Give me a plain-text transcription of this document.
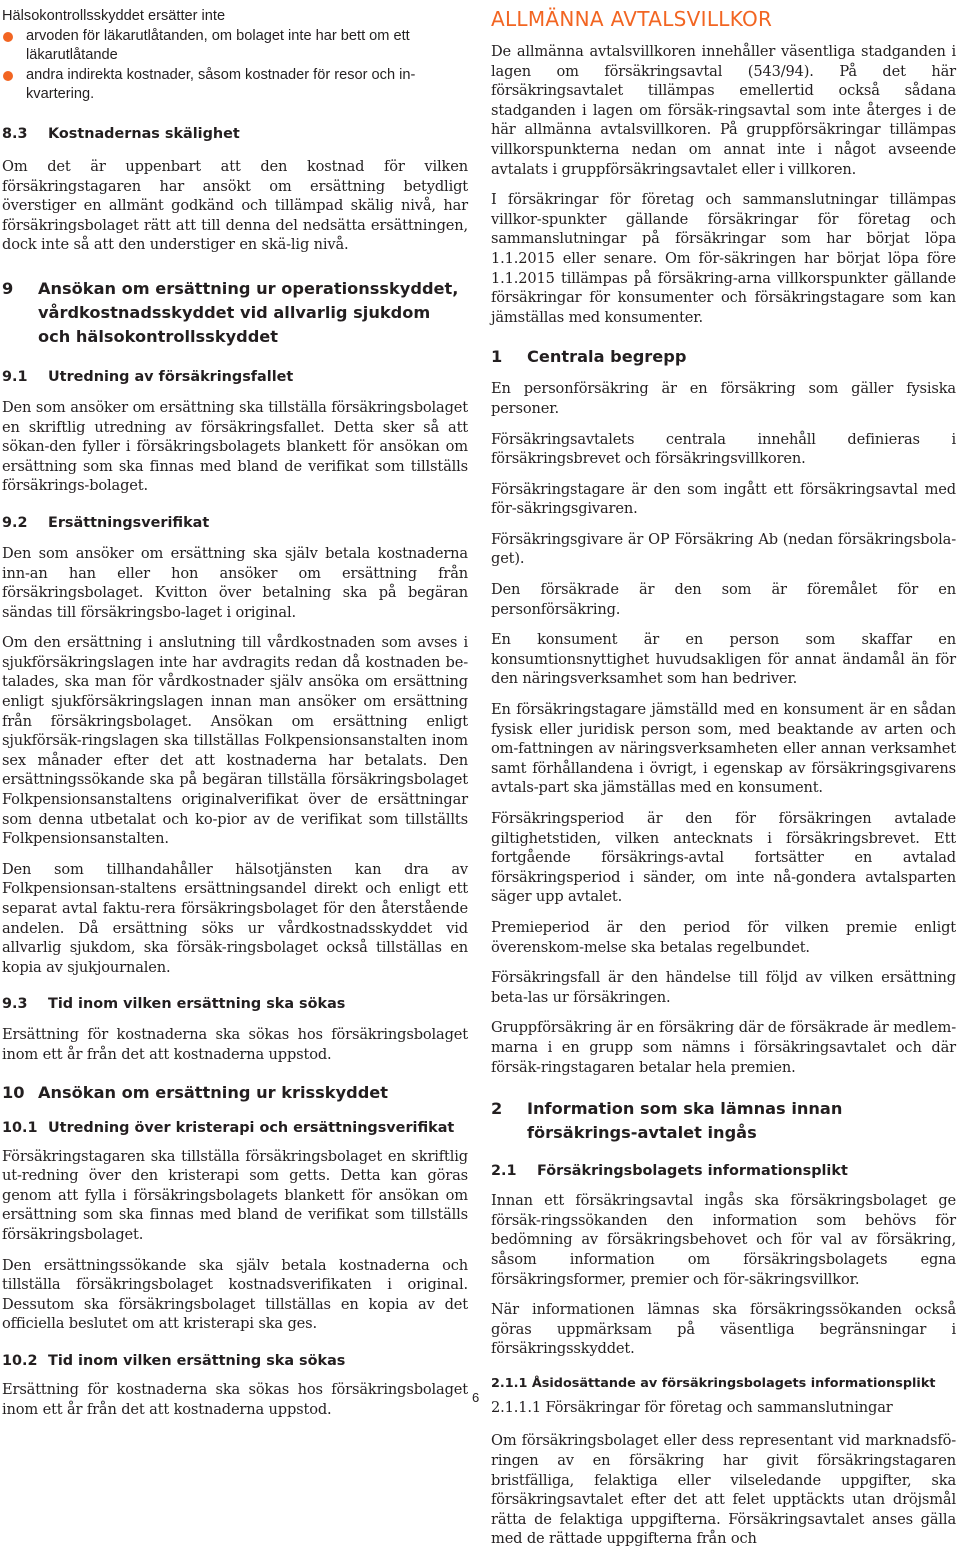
Hälsokontrollsskyddet ersätter inte
arvoden för läkarutlåtanden, om bolaget inte har bett om ett läkarutlåtande
andra indirekta kostnader, såsom kostnader för resor och in-kvartering.
8.3	Kostnadernas skälighet

Om det är uppenbart att den kostnad för vilken försäkringstagaren har ansökt om ersättning betydligt överstiger en allmänt godkänd och tillämpad skälig nivå, har försäkringsbolaget rätt att till denna del nedsätta ersättningen, dock inte så att den understiger en skä-lig nivå.

9	Ansökan om ersättning ur operationsskyddet, vårdkostnadsskyddet vid allvarlig sjukdom och hälsokontrollsskyddet
9.1	Utredning av försäkringsfallet

Den som ansöker om ersättning ska tillställa försäkringsbolaget en skriftlig utredning av försäkringsfallet. Detta sker så att sökan-den fyller i försäkringsbolagets blankett för ansökan om ersättning som ska finnas med bland de verifikat som tillställs försäkrings-bolaget.

9.2	Ersättningsverifikat

Den som ansöker om ersättning ska själv betala kostnaderna inn-an han eller hon ansöker om ersättning från försäkringsbolaget. Kvitton över betalning ska på begäran sändas till försäkringsbo-laget i original.

Om den ersättning i anslutning till vårdkostnaden som avses i sjukförsäkringslagen inte har avdragits redan då kostnaden be-talades, ska man för vårdkostnader själv ansöka om ersättning enligt sjukförsäkringslagen innan man ansöker om ersättning från försäkringsbolaget. Ansökan om ersättning enligt sjukförsäk-ringslagen ska tillställas Folkpensionsanstalten inom sex månader efter det att kostnaderna har betalats. Den ersättningssökande ska på begäran tillställa försäkringsbolaget Folkpensionsanstaltens originalverifikat över de ersättningar som denna utbetalat och ko-pior av de verifikat som tillställts Folkpensionsanstalten.

Den som tillhandahåller hälsotjänsten kan dra av Folkpensionsan-staltens ersättningsandel direkt och enligt ett separat avtal faktu-rera försäkringsbolaget för den återstående andelen. Då ersättning söks ur vårdkostnadsskyddet vid allvarlig sjukdom, ska försäk-ringsbolaget också tillställas en kopia av sjukjournalen.

9.3	Tid inom vilken ersättning ska sökas

Ersättning för kostnaderna ska sökas hos försäkringsbolaget inom ett år från det att kostnaderna uppstod.

10 Ansökan om ersättning ur krisskyddet
10.1 Utredning över kristerapi och ersättningsverifikat

Försäkringstagaren ska tillställa försäkringsbolaget en skriftlig ut-redning över den kristerapi som getts. Detta kan göras genom att fylla i försäkringsbolagets blankett för ansökan om ersättning som ska finnas med bland de verifikat som tillställs försäkringsbolaget.

Den ersättningssökande ska själv betala kostnaderna och tillställa försäkringsbolaget kostnadsverifikaten i original. Dessutom ska försäkringsbolaget tillställas en kopia av det officiella beslutet om att kristerapi ska ges.

10.2 Tid inom vilken ersättning ska sökas

Ersättning för kostnaderna ska sökas hos försäkringsbolaget inom ett år från det att kostnaderna uppstod.

ALLMÄNNA AVTALSVILLKOR

De allmänna avtalsvillkoren innehåller väsentliga stadganden i lagen om försäkringsavtal (543/94). På det här försäkringsavtalet tillämpas emellertid också sådana stadganden i lagen om försäk-ringsavtal som inte återges i de här allmänna avtalsvillkoren. På gruppförsäkringar tillämpas villkorspunkterna nedan om annat inte i något avseende avtalats i gruppförsäkringsavtalet eller i villkoren.

I försäkringar för företag och sammanslutningar tillämpas villkor-spunkter gällande försäkringar för företag och sammanslutningar på försäkringar som har börjat löpa 1.1.2015 eller senare. Om för-säkringen har börjat löpa före 1.1.2015 tillämpas på försäkring-arna villkorspunkter gällande försäkringar för konsumenter och försäkringstagare som kan jämställas med konsumenter.

1	Centrala begrepp

En personförsäkring är en försäkring som gäller fysiska personer.

Försäkringsavtalets centrala innehåll definieras i försäkringsbrevet och försäkringsvillkoren.

Försäkringstagare är den som ingått ett försäkringsavtal med för-säkringsgivaren.

Försäkringsgivare är OP Försäkring Ab (nedan försäkringsbola-get).

Den försäkrade är den som är föremålet för en personförsäkring.

En konsument är en person som skaffar en konsumtionsnyttighet huvudsakligen för annat ändamål än för den näringsverksamhet som han bedriver.

En försäkringstagare jämställd med en konsument är en sådan fysisk eller juridisk person som, med beaktande av arten och om-fattningen av näringsverksamheten eller annan verksamhet samt förhållandena i övrigt, i egenskap av försäkringsgivarens avtals-part ska jämställas med en konsument.

Försäkringsperiod är den för försäkringen avtalade giltighetstiden, vilken antecknats i försäkringsbrevet. Ett fortgående försäkrings-avtal fortsätter en avtalad försäkringsperiod i sänder, om inte nå-gondera avtalsparten säger upp avtalet.

Premieperiod är den period för vilken premie enligt överenskom-melse ska betalas regelbundet.

Försäkringsfall är den händelse till följd av vilken ersättning beta-las ur försäkringen.

Gruppförsäkring är en försäkring där de försäkrade är medlem-marna i en grupp som nämns i försäkringsavtalet och där försäk-ringstagaren betalar hela premien.

2	Information som ska lämnas innan försäkrings-avtalet ingås
2.1	Försäkringsbolagets informationsplikt

Innan ett försäkringsavtal ingås ska försäkringsbolaget ge försäk-ringssökanden den information som behövs för bedömning av försäkringsbehovet och för val av försäkring, såsom information om försäkringsbolagets egna försäkringsformer, premier och för-säkringsvillkor.

När informationen lämnas ska försäkringssökanden också göras uppmärksam på väsentliga begränsningar i försäkringsskyddet.

2.1.1 Åsidosättande av försäkringsbolagets informationsplikt

2.1.1.1 Försäkringar för företag och sammanslutningar

Om försäkringsbolaget eller dess representant vid marknadsfö-ringen av en försäkring har givit försäkringstagaren bristfälliga, felaktiga eller vilseledande uppgifter, ska försäkringsavtalet efter det att felet upptäckts utan dröjsmål rätta de felaktiga uppgifterna. Försäkringsavtalet anses gälla med de rättade uppgifterna från och

6
